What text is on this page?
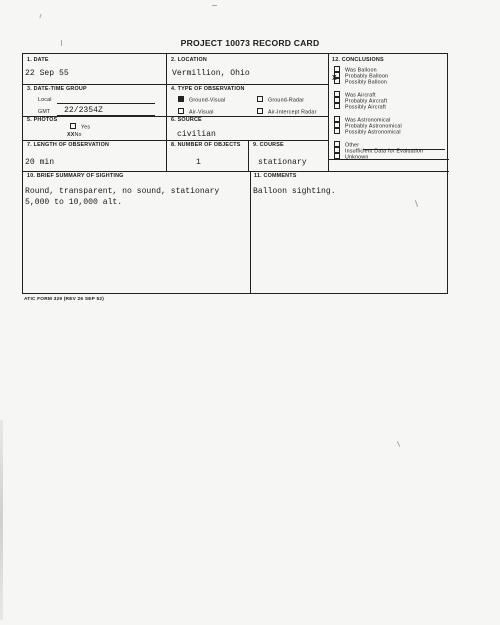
PROJECT 10073 RECORD CARD
1. DATE
22 Sep 55
2. LOCATION
Vermillion, Ohio
3. DATE-TIME GROUP
Local
GMT 22/2354Z
4. TYPE OF OBSERVATION
Ground-Visual	Ground-Radar
Air-Visual	Air-Intercept Radar
5. PHOTOS
Yes
XXNo
6. SOURCE
civilian
7. LENGTH OF OBSERVATION
20 min
8. NUMBER OF OBJECTS
1
9. COURSE
stationary
10. BRIEF SUMMARY OF SIGHTING
Round, transparent, no sound, stationary
5,000 to 10,000 alt.
11. COMMENTS
Balloon sighting.
12. CONCLUSIONS
Was Balloon
Probably Balloon
Possibly Balloon
X
Was Aircraft
Probably Aircraft
Possibly Aircraft
Was Astronomical
Probably Astronomical
Possibly Astronomical
Other
Insufficient Data for Evaluation
Unknown
ATIC FORM 329 (REV 26 SEP 52)
